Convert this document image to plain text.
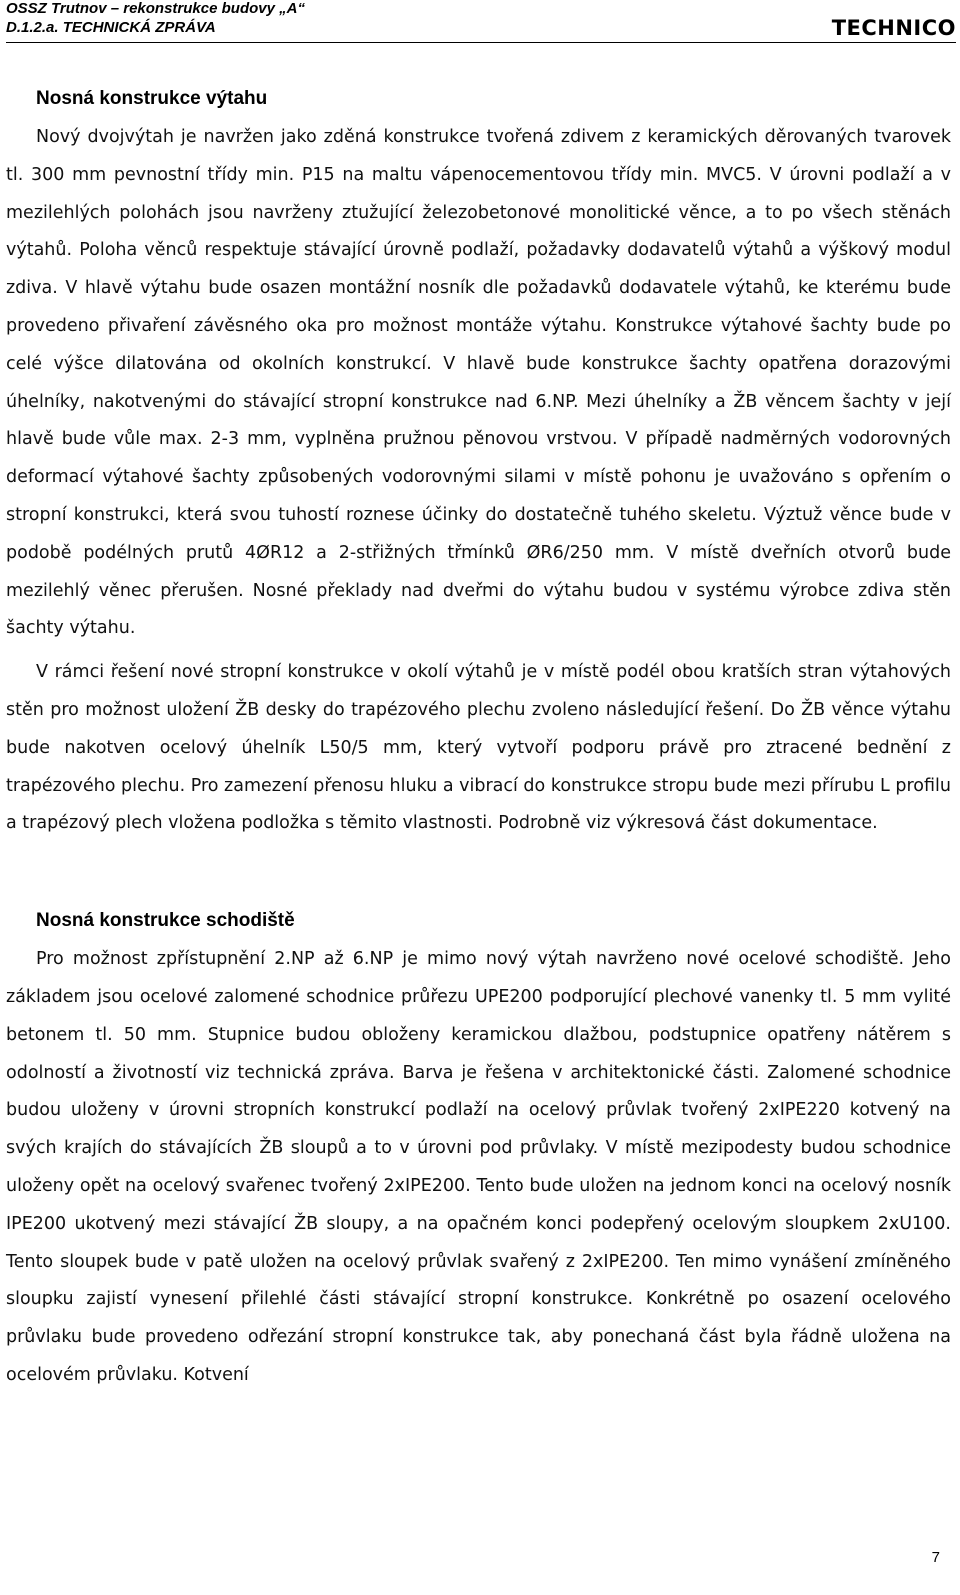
OSSZ Trutnov – rekonstrukce budovy „A“
D.1.2.a. TECHNICKÁ ZPRÁVA	TECHNICO
Nosná konstrukce výtahu

Nový dvojvýtah je navržen jako zděná konstrukce tvořená zdivem z keramických děrovaných tvarovek tl. 300 mm pevnostní třídy min. P15 na maltu vápenocementovou třídy min. MVC5. V úrovni podlaží a v mezilehlých polohách jsou navrženy ztužující železobetonové monolitické věnce, a to po všech stěnách výtahů. Poloha věnců respektuje stávající úrovně podlaží, požadavky dodavatelů výtahů a výškový modul zdiva. V hlavě výtahu bude osazen montážní nosník dle požadavků dodavatele výtahů, ke kterému bude provedeno přivaření závěsného oka pro možnost montáže výtahu. Konstrukce výtahové šachty bude po celé výšce dilatována od okolních konstrukcí. V hlavě bude konstrukce šachty opatřena dorazovými úhelníky, nakotvenými do stávající stropní konstrukce nad 6.NP. Mezi úhelníky a ŽB věncem šachty v její hlavě bude vůle max. 2-3 mm, vyplněna pružnou pěnovou vrstvou. V případě nadměrných vodorovných deformací výtahové šachty způsobených vodorovnými silami v místě pohonu je uvažováno s opřením o stropní konstrukci, která svou tuhostí roznese účinky do dostatečně tuhého skeletu. Výztuž věnce bude v podobě podélných prutů 4ØR12 a 2-střižných třmínků ØR6/250 mm. V místě dveřních otvorů bude mezilehlý věnec přerušen. Nosné překlady nad dveřmi do výtahu budou v systému výrobce zdiva stěn šachty výtahu.

V rámci řešení nové stropní konstrukce v okolí výtahů je v místě podél obou kratších stran výtahových stěn pro možnost uložení ŽB desky do trapézového plechu zvoleno následující řešení. Do ŽB věnce výtahu bude nakotven ocelový úhelník L50/5 mm, který vytvoří podporu právě pro ztracené bednění z trapézového plechu. Pro zamezení přenosu hluku a vibrací do konstrukce stropu bude mezi přírubu L profilu a trapézový plech vložena podložka s těmito vlastnosti. Podrobně viz výkresová část dokumentace.

Nosná konstrukce schodiště

Pro možnost zpřístupnění 2.NP až 6.NP je mimo nový výtah navrženo nové ocelové schodiště. Jeho základem jsou ocelové zalomené schodnice průřezu UPE200 podporující plechové vanenky tl. 5 mm vylité betonem tl. 50 mm. Stupnice budou obloženy keramickou dlažbou, podstupnice opatřeny nátěrem s odolností a životností viz technická zpráva. Barva je řešena v architektonické části. Zalomené schodnice budou uloženy v úrovni stropních konstrukcí podlaží na ocelový průvlak tvořený 2xIPE220 kotvený na svých krajích do stávajících ŽB sloupů a to v úrovni pod průvlaky. V místě mezipodesty budou schodnice uloženy opět na ocelový svařenec tvořený 2xIPE200. Tento bude uložen na jednom konci na ocelový nosník IPE200 ukotvený mezi stávající ŽB sloupy, a na opačném konci podepřený ocelovým sloupkem 2xU100. Tento sloupek bude v patě uložen na ocelový průvlak svařený z 2xIPE200. Ten mimo vynášení zmíněného sloupku zajistí vynesení přilehlé části stávající stropní konstrukce. Konkrétně po osazení ocelového průvlaku bude provedeno odřezání stropní konstrukce tak, aby ponechaná část byla řádně uložena na ocelovém průvlaku. Kotvení

7
